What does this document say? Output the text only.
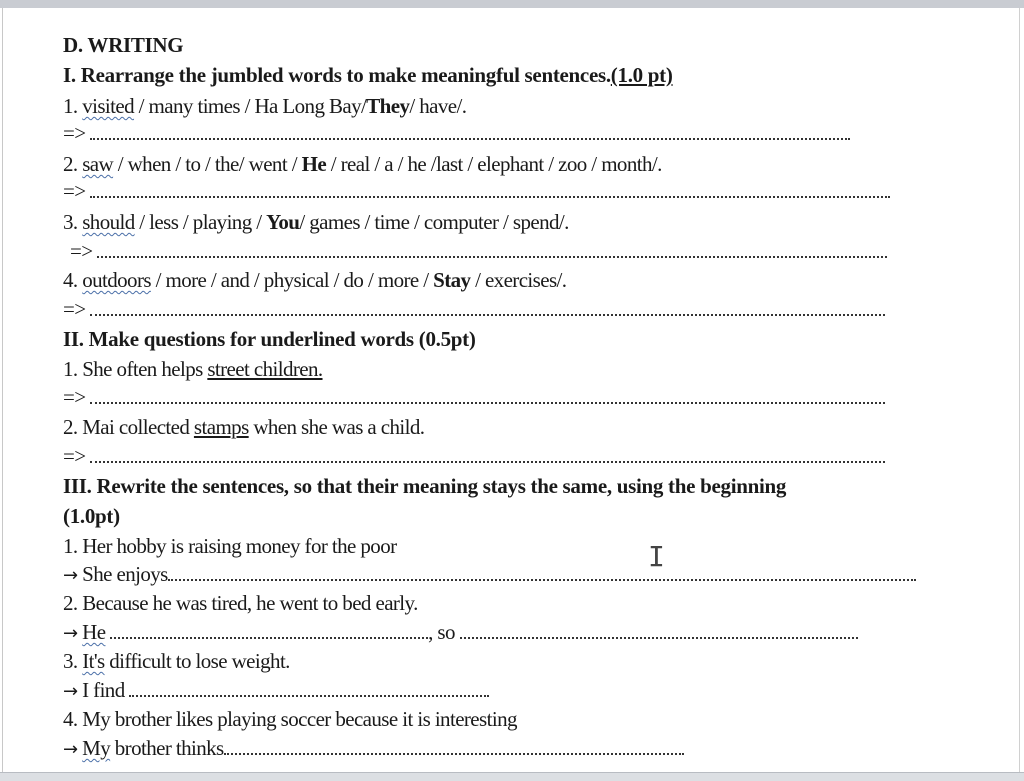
D. WRITING
I. Rearrange the jumbled words to make meaningful sentences.(1.0 pt)
1. visited / many times / Ha Long Bay/They/ have/.
=>
2. saw / when / to / the/ went / He / real / a / he /last / elephant / zoo / month/.
=>
3. should / less / playing / You/ games / time / computer / spend/.
=>
4. outdoors / more / and / physical / do / more / Stay / exercises/.
=>
II. Make questions for underlined words (0.5pt)
1. She often helps street children.
=>
2. Mai collected stamps when she was a child.
=>
III. Rewrite the sentences, so that their meaning stays the same, using the beginning
(1.0pt)
1. Her hobby is raising money for the poor
→ She enjoys
2. Because he was tired, he went to bed early.
→ He	, so
3. It's difficult to lose weight.
→ I find
4. My brother likes playing soccer because it is interesting
→ My brother thinks
I
